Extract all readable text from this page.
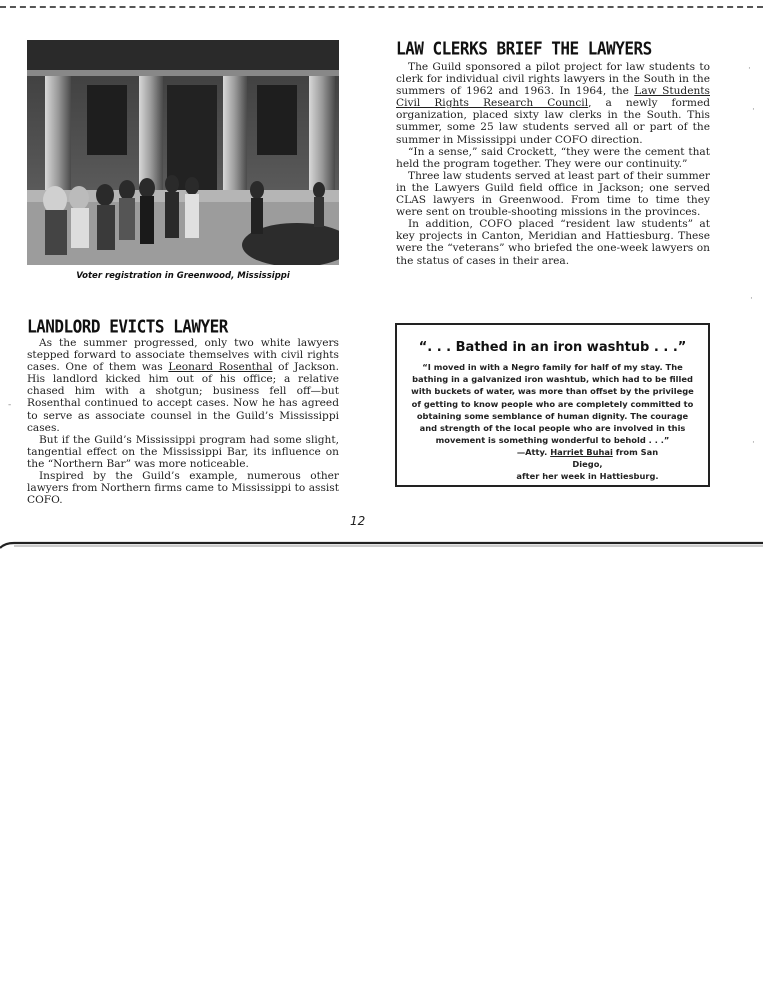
Voter registration in Greenwood, Mississippi
LAW CLERKS BRIEF THE LAWYERS

The Guild sponsored a pilot project for law students to clerk for individual civil rights lawyers in the South in the summers of 1962 and 1963. In 1964, the Law Students Civil Rights Research Council, a newly formed organization, placed sixty law clerks in the South. This summer, some 25 law students served all or part of the summer in Mississippi under COFO direction.

“In a sense,” said Crockett, “they were the cement that held the program together. They were our continuity.”

Three law students served at least part of their summer in the Lawyers Guild field office in Jackson; one served CLAS lawyers in Greenwood. From time to time they were sent on trouble-shooting missions in the provinces.

In addition, COFO placed “resident law students” at key projects in Canton, Meridian and Hattiesburg. These were the “veterans” who briefed the one-week lawyers on the status of cases in their area.

LANDLORD EVICTS LAWYER

As the summer progressed, only two white lawyers stepped forward to associate themselves with civil rights cases. One of them was Leonard Rosenthal of Jackson. His landlord kicked him out of his office; a relative chased him with a shotgun; business fell off—but Rosenthal continued to accept cases. Now he has agreed to serve as associate counsel in the Guild’s Mississippi cases.

But if the Guild’s Mississippi program had some slight, tangential effect on the Mississippi Bar, its influence on the “Northern Bar” was more noticeable.

Inspired by the Guild’s example, numerous other lawyers from Northern firms came to Mississippi to assist COFO.

“. . . Bathed in an iron washtub . . .”
“I moved in with a Negro family for half of my stay. The bathing in a galvanized iron washtub, which had to be filled with buckets of water, was more than offset by the privilege of getting to know people who are completely committed to obtaining some semblance of human dignity. The courage and strength of the local people who are involved in this movement is something wonderful to behold . . .”
—Atty. Harriet Buhai from San Diego,
after her week in Hattiesburg.
12
·
·
·
·
-
